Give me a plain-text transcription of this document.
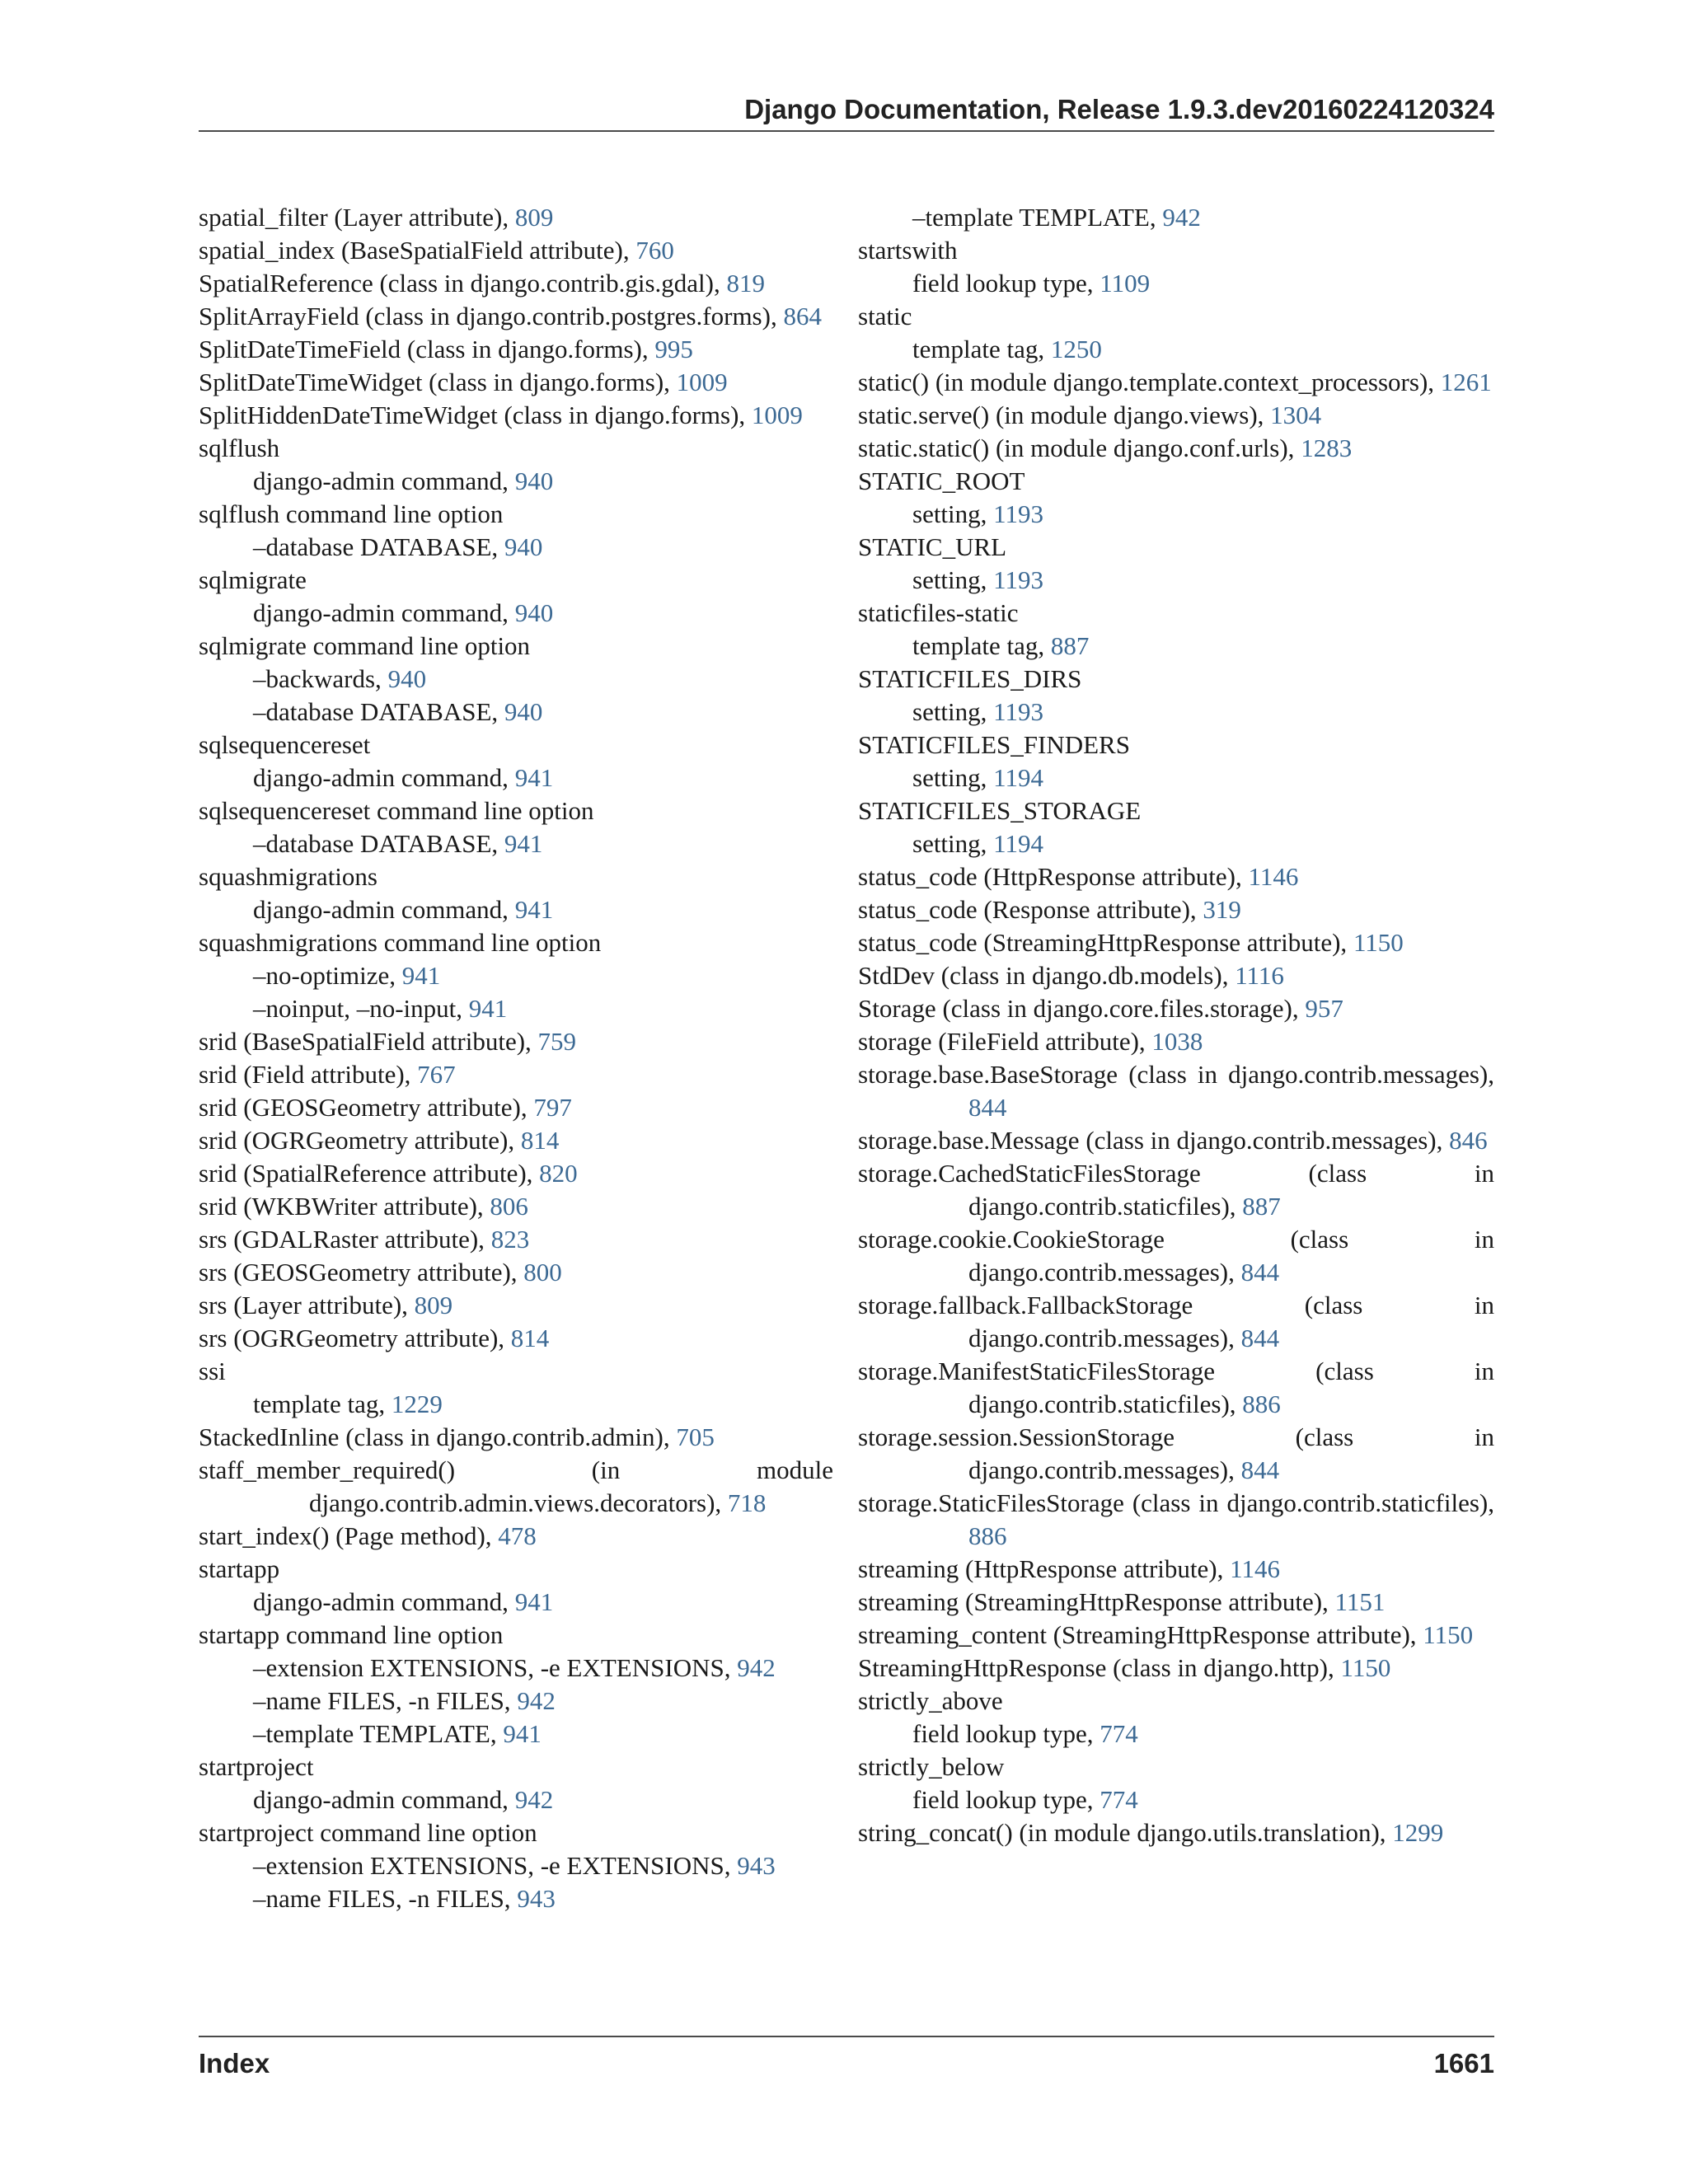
Django Documentation, Release 1.9.3.dev20160224120324
spatial_filter (Layer attribute), 809
spatial_index (BaseSpatialField attribute), 760
SpatialReference (class in django.contrib.gis.gdal), 819
SplitArrayField (class in django.contrib.postgres.forms), 864
SplitDateTimeField (class in django.forms), 995
SplitDateTimeWidget (class in django.forms), 1009
SplitHiddenDateTimeWidget (class in django.forms), 1009
sqlflush
django-admin command, 940
sqlflush command line option
–database DATABASE, 940
sqlmigrate
django-admin command, 940
sqlmigrate command line option
–backwards, 940
–database DATABASE, 940
sqlsequencereset
django-admin command, 941
sqlsequencereset command line option
–database DATABASE, 941
squashmigrations
django-admin command, 941
squashmigrations command line option
–no-optimize, 941
–noinput, –no-input, 941
srid (BaseSpatialField attribute), 759
srid (Field attribute), 767
srid (GEOSGeometry attribute), 797
srid (OGRGeometry attribute), 814
srid (SpatialReference attribute), 820
srid (WKBWriter attribute), 806
srs (GDALRaster attribute), 823
srs (GEOSGeometry attribute), 800
srs (Layer attribute), 809
srs (OGRGeometry attribute), 814
ssi
template tag, 1229
StackedInline (class in django.contrib.admin), 705
staff_member_required() (in module django.contrib.admin.views.decorators), 718
start_index() (Page method), 478
startapp
django-admin command, 941
startapp command line option
–extension EXTENSIONS, -e EXTENSIONS, 942
–name FILES, -n FILES, 942
–template TEMPLATE, 941
startproject
django-admin command, 942
startproject command line option
–extension EXTENSIONS, -e EXTENSIONS, 943
–name FILES, -n FILES, 943
–template TEMPLATE, 942
startswith
field lookup type, 1109
static
template tag, 1250
static() (in module django.template.context_processors), 1261
static.serve() (in module django.views), 1304
static.static() (in module django.conf.urls), 1283
STATIC_ROOT
setting, 1193
STATIC_URL
setting, 1193
staticfiles-static
template tag, 887
STATICFILES_DIRS
setting, 1193
STATICFILES_FINDERS
setting, 1194
STATICFILES_STORAGE
setting, 1194
status_code (HttpResponse attribute), 1146
status_code (Response attribute), 319
status_code (StreamingHttpResponse attribute), 1150
StdDev (class in django.db.models), 1116
Storage (class in django.core.files.storage), 957
storage (FileField attribute), 1038
storage.base.BaseStorage (class in django.contrib.messages), 844
storage.base.Message (class in django.contrib.messages), 846
storage.CachedStaticFilesStorage (class in django.contrib.staticfiles), 887
storage.cookie.CookieStorage (class in django.contrib.messages), 844
storage.fallback.FallbackStorage (class in django.contrib.messages), 844
storage.ManifestStaticFilesStorage (class in django.contrib.staticfiles), 886
storage.session.SessionStorage (class in django.contrib.messages), 844
storage.StaticFilesStorage (class in django.contrib.staticfiles), 886
streaming (HttpResponse attribute), 1146
streaming (StreamingHttpResponse attribute), 1151
streaming_content (StreamingHttpResponse attribute), 1150
StreamingHttpResponse (class in django.http), 1150
strictly_above
field lookup type, 774
strictly_below
field lookup type, 774
string_concat() (in module django.utils.translation), 1299
Index	1661
